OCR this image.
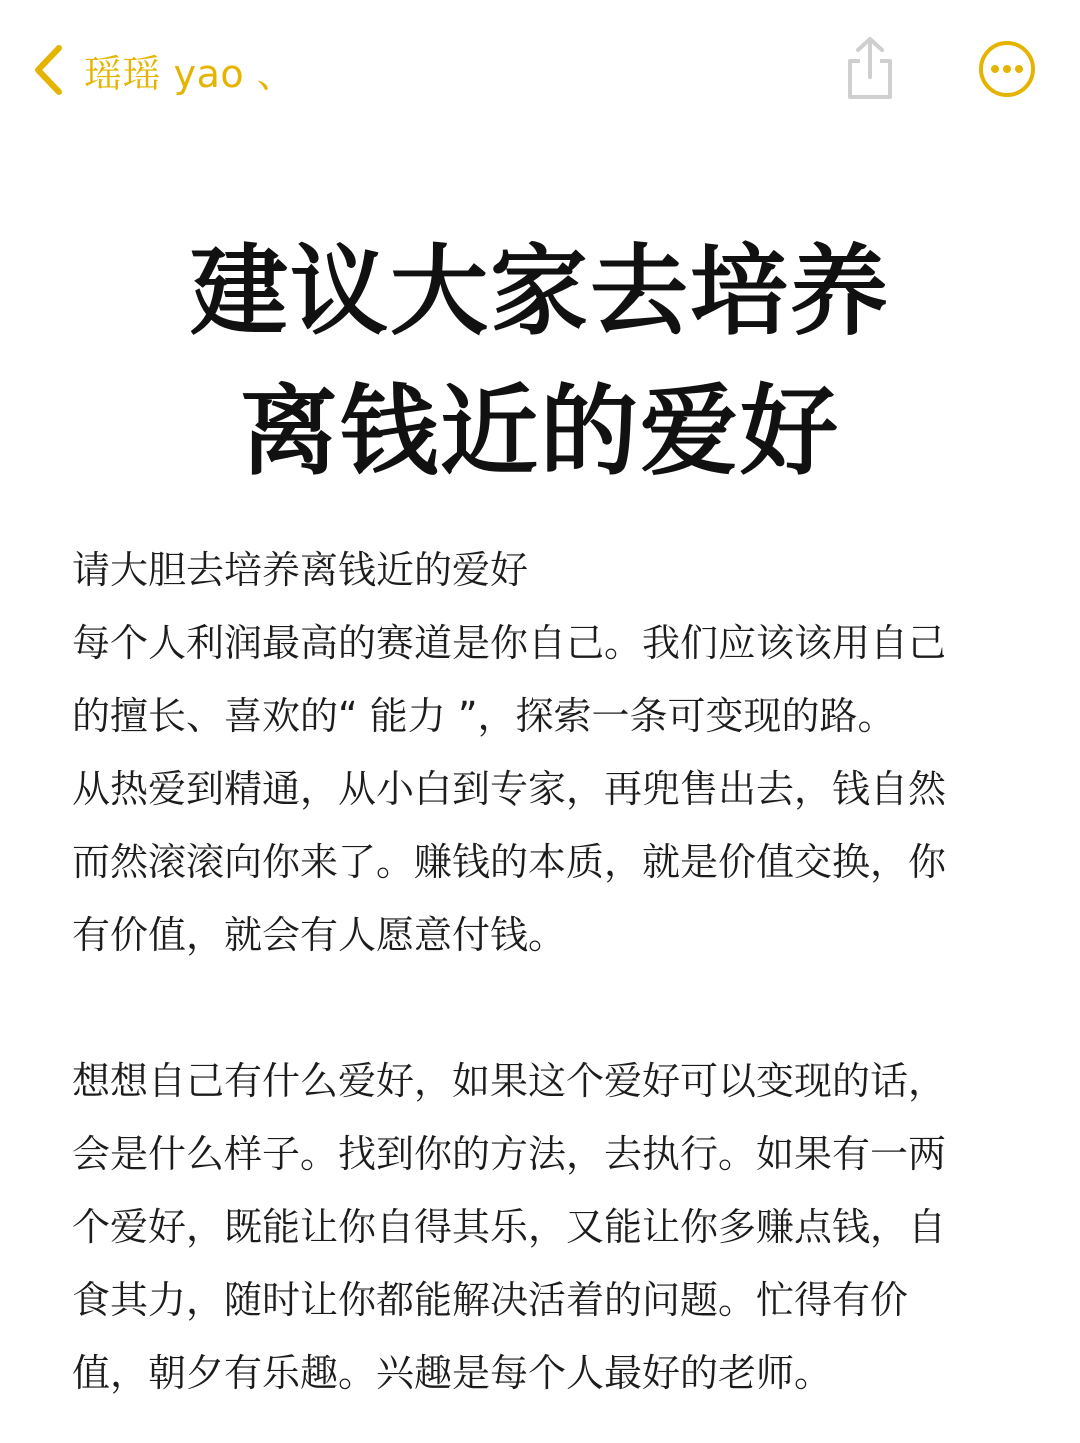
瑶瑶 yao 、
建议大家去培养
离钱近的爱好
请大胆去培养离钱近的爱好
每个人利润最高的赛道是你自己。我们应该该用自己
的擅长、喜欢的“ 能力 ”，探索一条可变现的路。
从热爱到精通，从小白到专家，再兜售出去，钱自然
而然滚滚向你来了。赚钱的本质，就是价值交换，你
有价值，就会有人愿意付钱。
想想自己有什么爱好，如果这个爱好可以变现的话，
会是什么样子。找到你的方法，去执行。如果有一两
个爱好，既能让你自得其乐，又能让你多赚点钱，自
食其力，随时让你都能解决活着的问题。忙得有价
值，朝夕有乐趣。兴趣是每个人最好的老师。
